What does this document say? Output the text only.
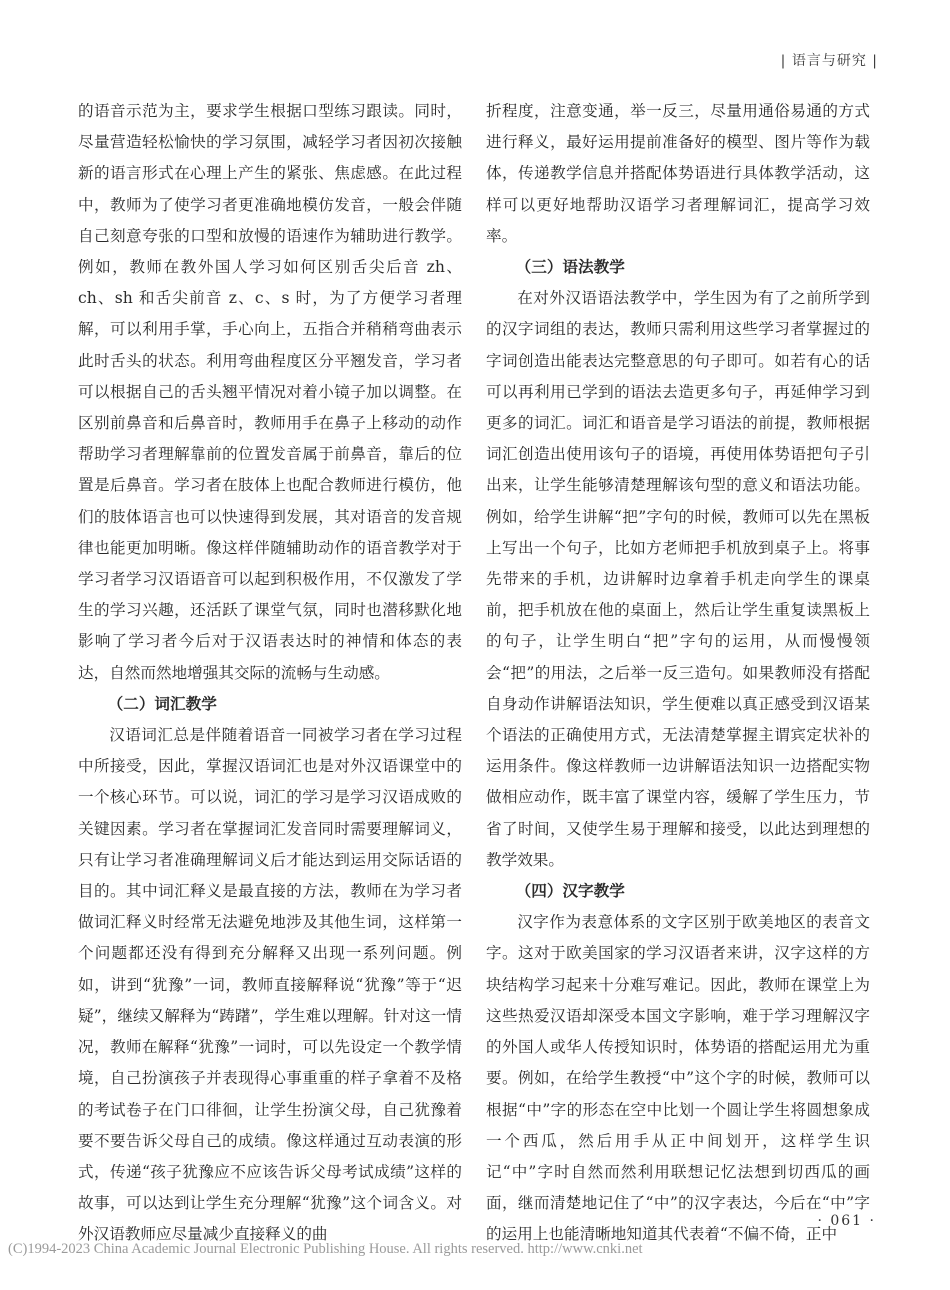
| 语言与研究 |

的语音示范为主，要求学生根据口型练习跟读。同时，尽量营造轻松愉快的学习氛围，减轻学习者因初次接触新的语言形式在心理上产生的紧张、焦虑感。在此过程中，教师为了使学习者更准确地模仿发音，一般会伴随自己刻意夸张的口型和放慢的语速作为辅助进行教学。例如，教师在教外国人学习如何区别舌尖后音 zh、ch、sh 和舌尖前音 z、c、s 时，为了方便学习者理解，可以利用手掌，手心向上，五指合并稍稍弯曲表示此时舌头的状态。利用弯曲程度区分平翘发音，学习者可以根据自己的舌头翘平情况对着小镜子加以调整。在区别前鼻音和后鼻音时，教师用手在鼻子上移动的动作帮助学习者理解靠前的位置发音属于前鼻音，靠后的位置是后鼻音。学习者在肢体上也配合教师进行模仿，他们的肢体语言也可以快速得到发展，其对语音的发音规律也能更加明晰。像这样伴随辅助动作的语音教学对于学习者学习汉语语音可以起到积极作用，不仅激发了学生的学习兴趣，还活跃了课堂气氛，同时也潜移默化地影响了学习者今后对于汉语表达时的神情和体态的表达，自然而然地增强其交际的流畅与生动感。

（二）词汇教学

汉语词汇总是伴随着语音一同被学习者在学习过程中所接受，因此，掌握汉语词汇也是对外汉语课堂中的一个核心环节。可以说，词汇的学习是学习汉语成败的关键因素。学习者在掌握词汇发音同时需要理解词义，只有让学习者准确理解词义后才能达到运用交际话语的目的。其中词汇释义是最直接的方法，教师在为学习者做词汇释义时经常无法避免地涉及其他生词，这样第一个问题都还没有得到充分解释又出现一系列问题。例如，讲到“犹豫”一词，教师直接解释说“犹豫”等于“迟疑”，继续又解释为“踌躇”，学生难以理解。针对这一情况，教师在解释“犹豫”一词时，可以先设定一个教学情境，自己扮演孩子并表现得心事重重的样子拿着不及格的考试卷子在门口徘徊，让学生扮演父母，自己犹豫着要不要告诉父母自己的成绩。像这样通过互动表演的形式，传递“孩子犹豫应不应该告诉父母考试成绩”这样的故事，可以达到让学生充分理解“犹豫”这个词含义。对外汉语教师应尽量减少直接释义的曲

折程度，注意变通，举一反三，尽量用通俗易通的方式进行释义，最好运用提前准备好的模型、图片等作为载体，传递教学信息并搭配体势语进行具体教学活动，这样可以更好地帮助汉语学习者理解词汇，提高学习效率。

（三）语法教学

在对外汉语语法教学中，学生因为有了之前所学到的汉字词组的表达，教师只需利用这些学习者掌握过的字词创造出能表达完整意思的句子即可。如若有心的话可以再利用已学到的语法去造更多句子，再延伸学习到更多的词汇。词汇和语音是学习语法的前提，教师根据词汇创造出使用该句子的语境，再使用体势语把句子引出来，让学生能够清楚理解该句型的意义和语法功能。例如，给学生讲解“把”字句的时候，教师可以先在黑板上写出一个句子，比如方老师把手机放到桌子上。将事先带来的手机，边讲解时边拿着手机走向学生的课桌前，把手机放在他的桌面上，然后让学生重复读黑板上的句子，让学生明白“把”字句的运用，从而慢慢领会“把”的用法，之后举一反三造句。如果教师没有搭配自身动作讲解语法知识，学生便难以真正感受到汉语某个语法的正确使用方式，无法清楚掌握主谓宾定状补的运用条件。像这样教师一边讲解语法知识一边搭配实物做相应动作，既丰富了课堂内容，缓解了学生压力，节省了时间，又使学生易于理解和接受，以此达到理想的教学效果。

（四）汉字教学

汉字作为表意体系的文字区别于欧美地区的表音文字。这对于欧美国家的学习汉语者来讲，汉字这样的方块结构学习起来十分难写难记。因此，教师在课堂上为这些热爱汉语却深受本国文字影响，难于学习理解汉字的外国人或华人传授知识时，体势语的搭配运用尤为重要。例如，在给学生教授“中”这个字的时候，教师可以根据“中”字的形态在空中比划一个圆让学生将圆想象成一个西瓜，然后用手从正中间划开，这样学生识记“中”字时自然而然利用联想记忆法想到切西瓜的画面，继而清楚地记住了“中”的汉字表达，今后在“中”字的运用上也能清晰地知道其代表着“不偏不倚，正中

· 061 ·
(C)1994-2023 China Academic Journal Electronic Publishing House. All rights reserved. http://www.cnki.net
